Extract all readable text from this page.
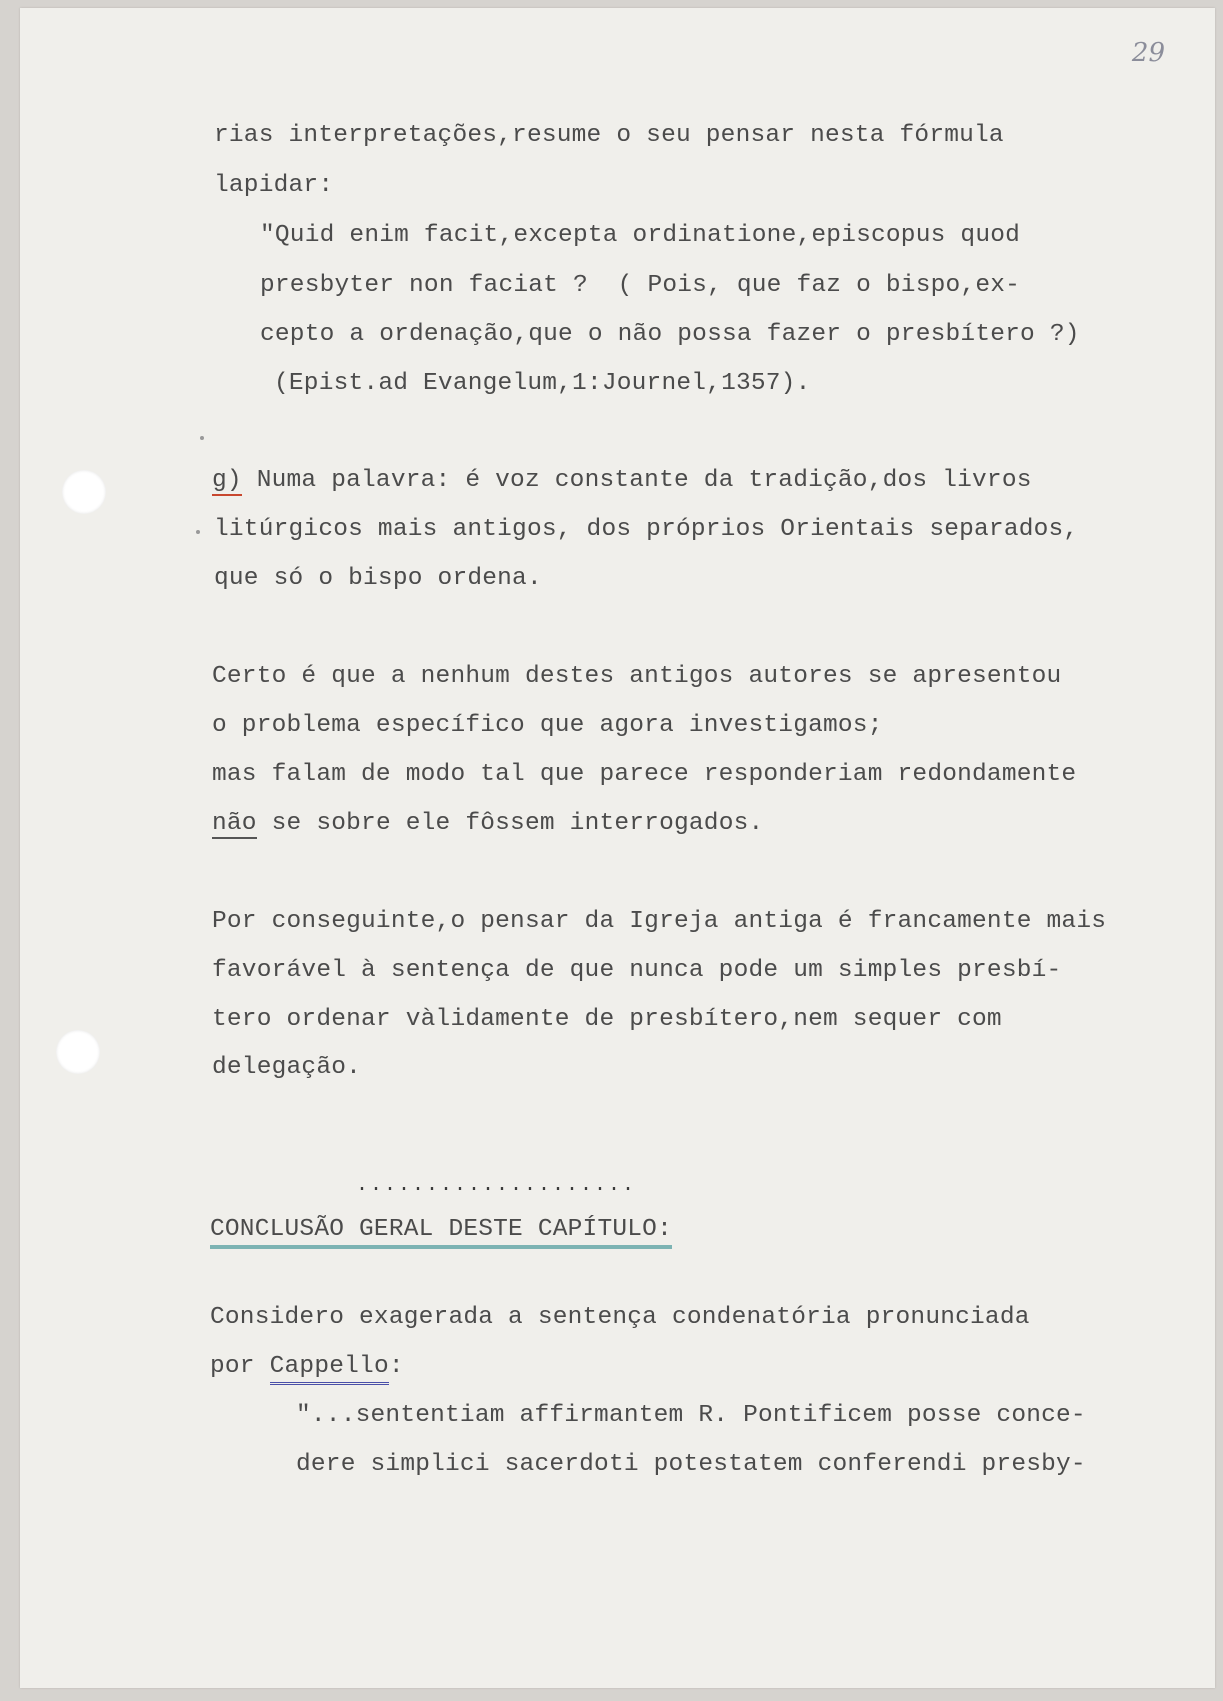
29
rias interpretações,resume o seu pensar nesta fórmula
lapidar:
"Quid enim facit,excepta ordinatione,episcopus quod
presbyter non faciat ?  ( Pois, que faz o bispo,ex-
cepto a ordenação,que o não possa fazer o presbítero ?)
(Epist.ad Evangelum,1:Journel,1357).
g) Numa palavra: é voz constante da tradição,dos livros
litúrgicos mais antigos, dos próprios Orientais separados,
que só o bispo ordena.
Certo é que a nenhum destes antigos autores se apresentou
o problema específico que agora investigamos;
mas falam de modo tal que parece responderiam redondamente
não se sobre ele fôssem interrogados.
Por conseguinte,o pensar da Igreja antiga é francamente mais
favorável à sentença de que nunca pode um simples presbí-
tero ordenar vàlidamente de presbítero,nem sequer com
delegação.
....................
CONCLUSÃO GERAL DESTE CAPÍTULO:
Considero exagerada a sentença condenatória pronunciada
por Cappello:
"...sententiam affirmantem R. Pontificem posse conce-
dere simplici sacerdoti potestatem conferendi presby-
